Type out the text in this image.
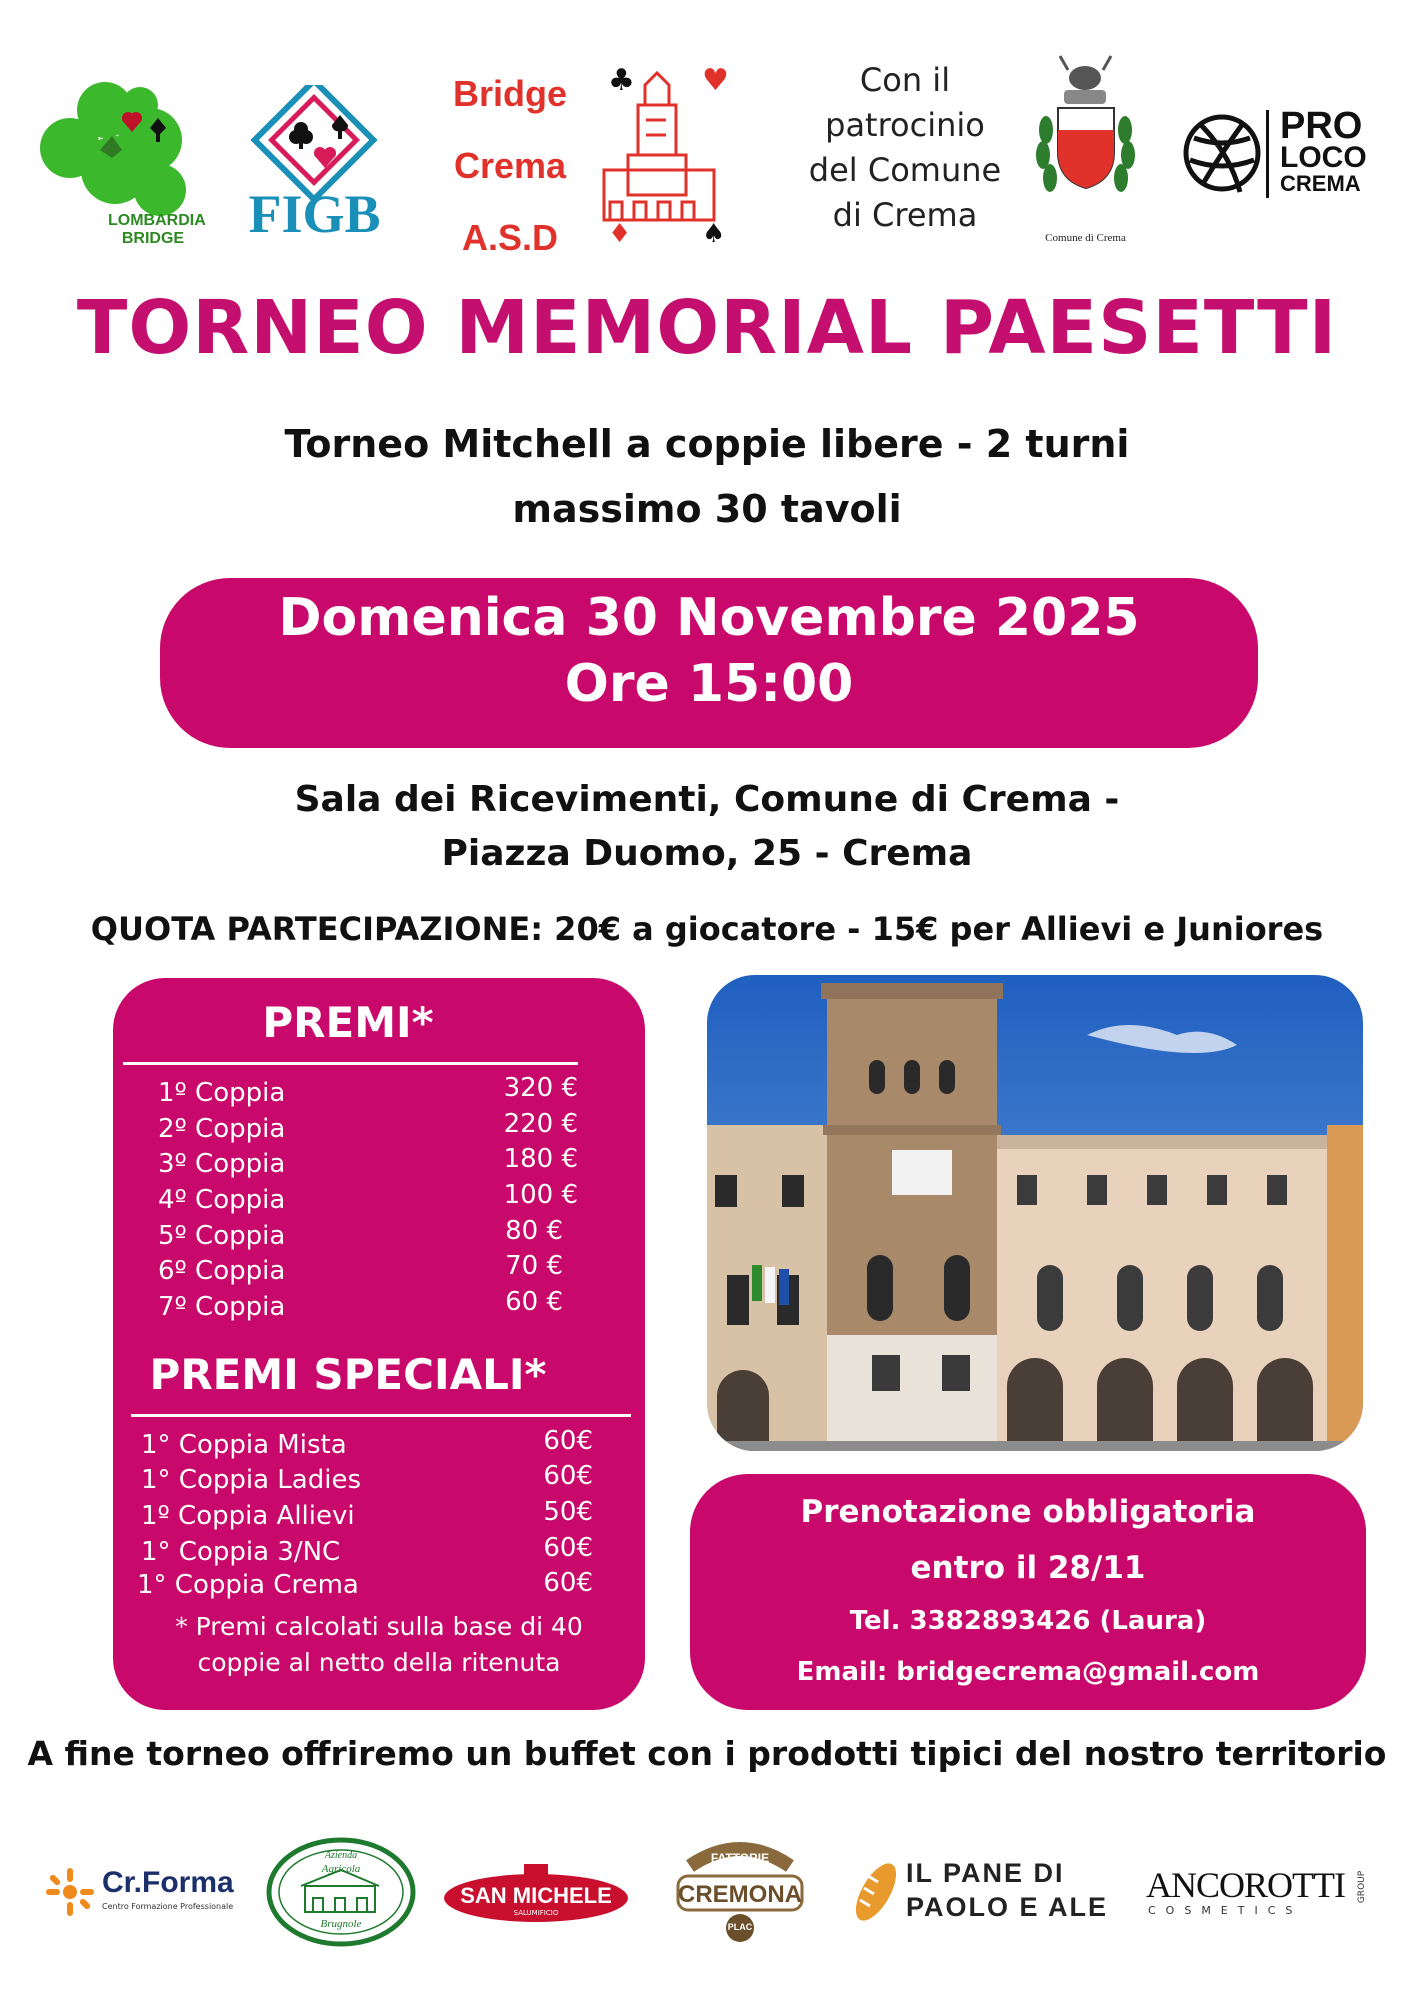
LOMBARDIA BRIDGE	FIGB
Bridge
Crema
A.S.D
♣ ♥
♦	♠
Con il
patrocinio
del Comune
di Crema
Comune di Crema
PRO
LOCO
CREMA
TORNEO MEMORIAL PAESETTI
Torneo Mitchell a coppie libere - 2 turni
massimo 30 tavoli
Domenica 30 Novembre 2025
Ore 15:00
Sala dei Ricevimenti, Comune di Crema -
Piazza Duomo, 25 - Crema
QUOTA PARTECIPAZIONE: 20€ a giocatore - 15€ per Allievi e Juniores
PREMI*
1º Coppia	320 €
2º Coppia	220 €
3º Coppia	180 €
4º Coppia	100 €
5º Coppia	80 €
6º Coppia	70 €
7º Coppia	60 €
PREMI SPECIALI*
1° Coppia Mista	60€
1° Coppia Ladies	60€
1º Coppia Allievi	50€
1° Coppia 3/NC	60€
1° Coppia Crema	60€
* Premi calcolati sulla base di 40
coppie al netto della ritenuta
Prenotazione obbligatoria
entro il 28/11
Tel. 3382893426 (Laura)
Email: bridgecrema@gmail.com
A fine torneo offriremo un buffet con i prodotti tipici del nostro territorio
Cr.Forma
Centro Formazione Professionale
Azienda
Agricola
Brugnole
SAN MICHELE
SALUMIFICIO
FATTORIE
CREMONA
PLAC
IL PANE DI
PAOLO E ALE
ANCOROTTI
COSMETICS
GROUP
